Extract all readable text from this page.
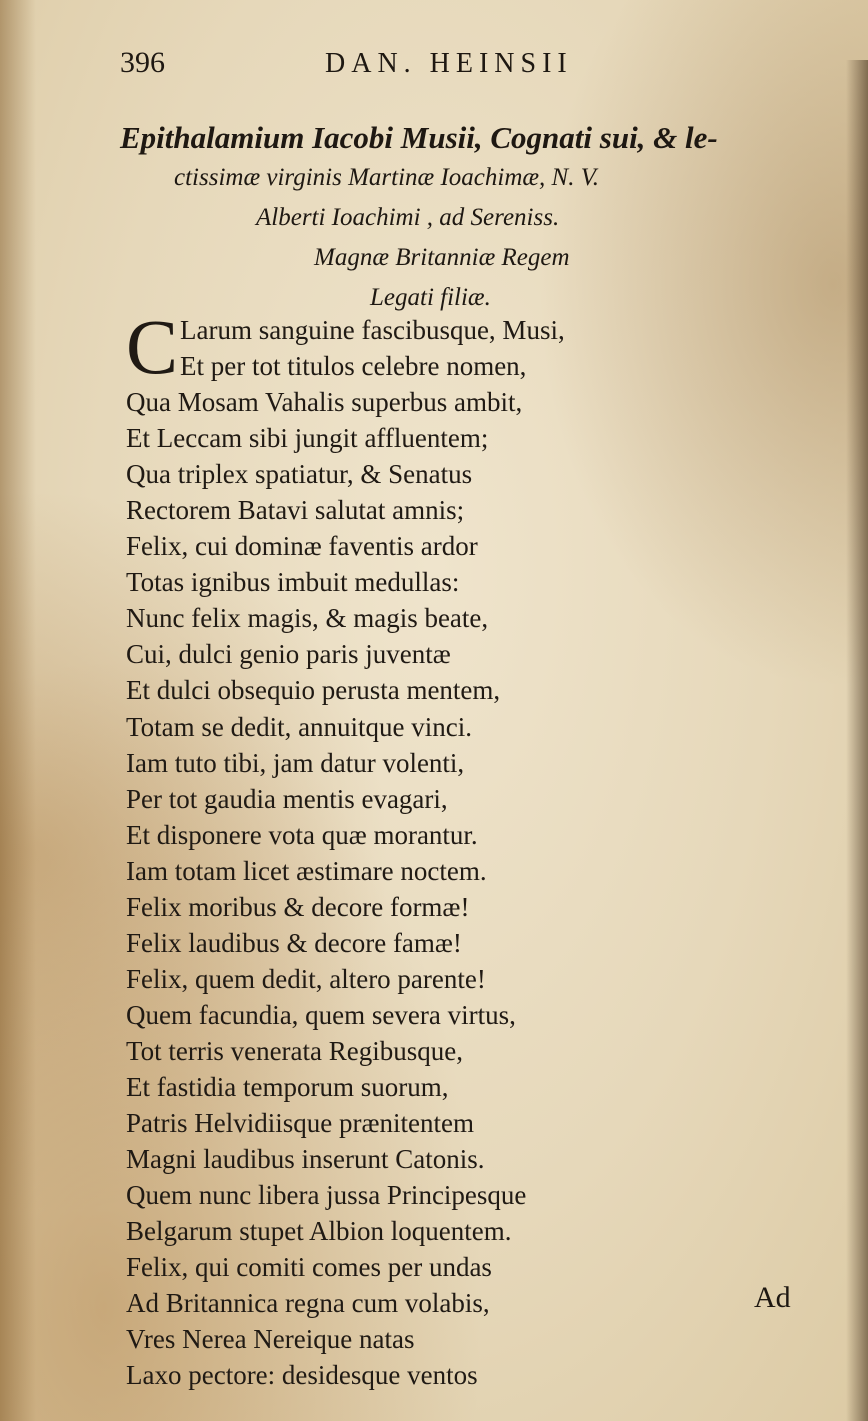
396	DAN. HEINSII
Epithalamium Iacobi Musii, Cognati sui, & le-
ctissimæ virginis Martinæ Ioachimæ, N. V.
Alberti Ioachimi , ad Sereniss.
Magnæ Britanniæ Regem
Legati filiæ.
C Larum sanguine fascibusque, Musi,
Et per tot titulos celebre nomen,
Qua Mosam Vahalis superbus ambit,
Et Leccam sibi jungit affluentem;
Qua triplex spatiatur, & Senatus
Rectorem Batavi salutat amnis;
Felix, cui dominæ faventis ardor
Totas ignibus imbuit medullas:
Nunc felix magis, & magis beate,
Cui, dulci genio paris juventæ
Et dulci obsequio perusta mentem,
Totam se dedit, annuitque vinci.
Iam tuto tibi, jam datur volenti,
Per tot gaudia mentis evagari,
Et disponere vota quæ morantur.
Iam totam licet æstimare noctem.
Felix moribus & decore formæ!
Felix laudibus & decore famæ!
Felix, quem dedit, altero parente!
Quem facundia, quem severa virtus,
Tot terris venerata Regibusque,
Et fastidia temporum suorum,
Patris Helvidiisque prænitentem
Magni laudibus inserunt Catonis.
Quem nunc libera jussa Principesque
Belgarum stupet Albion loquentem.
Felix, qui comiti comes per undas
Ad Britannica regna cum volabis,
Vres Nerea Nereique natas
Laxo pectore: desidesque ventos
Ad
